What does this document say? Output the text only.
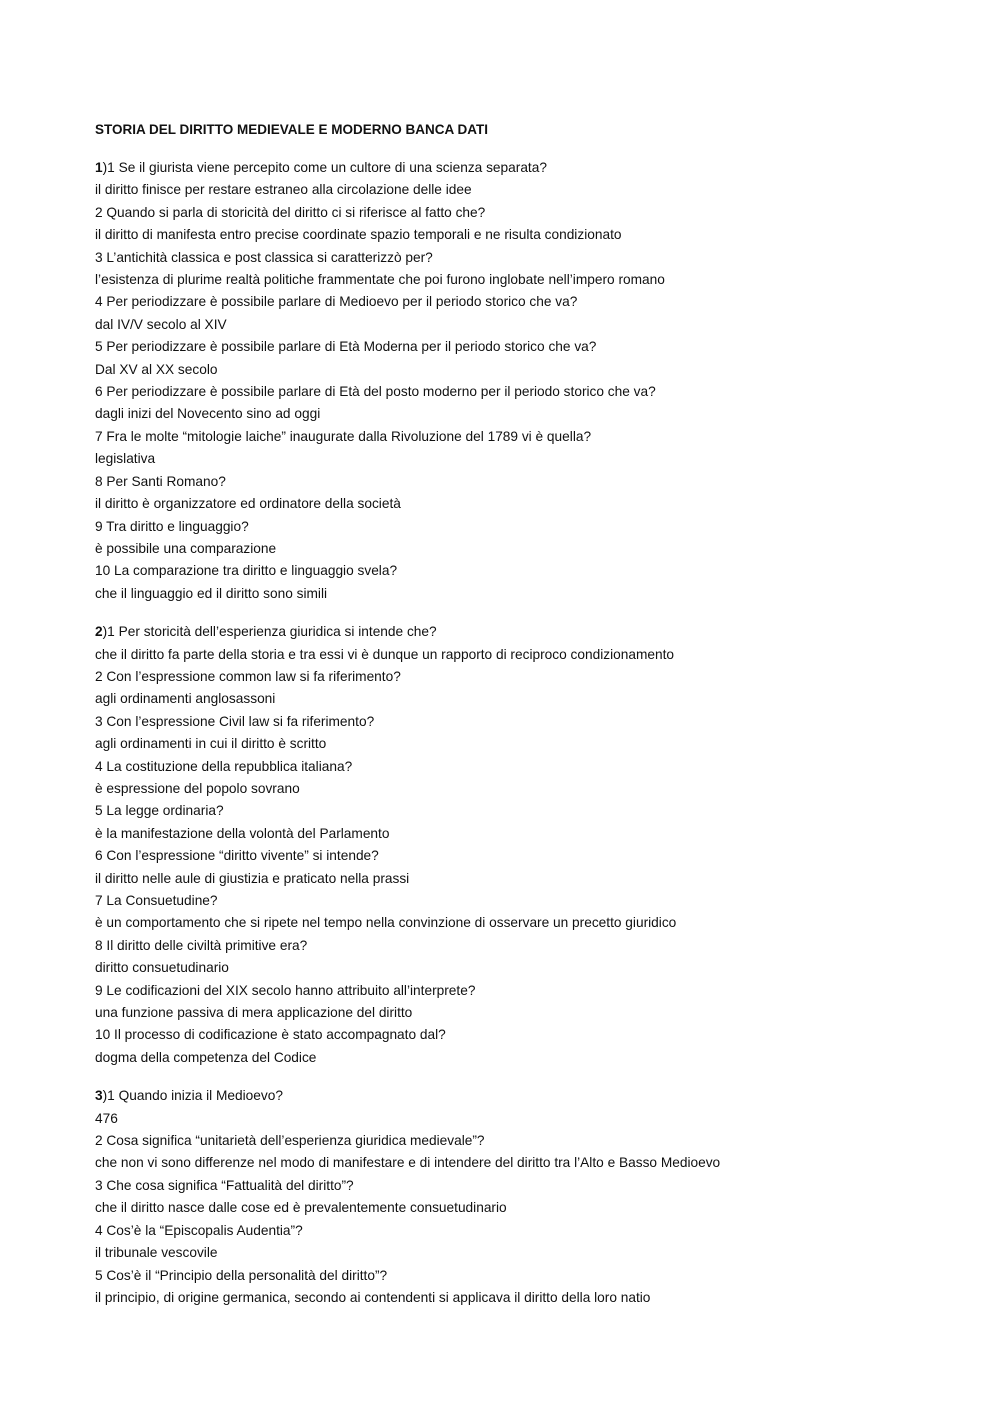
STORIA DEL DIRITTO MEDIEVALE E MODERNO BANCA DATI
1)1 Se il giurista viene percepito come un cultore di una scienza separata?
il diritto finisce per restare estraneo alla circolazione delle idee
2 Quando si parla di storicità del diritto ci si riferisce al fatto che?
il diritto di manifesta entro precise coordinate spazio temporali e ne risulta condizionato
3 L’antichità classica e post classica si caratterizzò per?
l’esistenza di plurime realtà politiche frammentate che poi furono inglobate nell’impero romano
4 Per periodizzare è possibile parlare di Medioevo per il periodo storico che va?
dal IV/V secolo al XIV
5 Per periodizzare è possibile parlare di Età Moderna per il periodo storico che va?
Dal XV al XX secolo
6 Per periodizzare è possibile parlare di Età del posto moderno per il periodo storico che va?
dagli inizi del Novecento sino ad oggi
7 Fra le molte “mitologie laiche” inaugurate dalla Rivoluzione del 1789 vi è quella?
legislativa
8 Per Santi Romano?
il diritto è organizzatore ed ordinatore della società
9 Tra diritto e linguaggio?
è possibile una comparazione
10 La comparazione tra diritto e linguaggio svela?
che il linguaggio ed il diritto sono simili
2)1 Per storicità dell’esperienza giuridica si intende che?
che il diritto fa parte della storia e tra essi vi è dunque un rapporto di reciproco condizionamento
2 Con l’espressione common law si fa riferimento?
agli ordinamenti anglosassoni
3 Con l’espressione Civil law si fa riferimento?
agli ordinamenti in cui il diritto è scritto
4 La costituzione della repubblica italiana?
è espressione del popolo sovrano
5 La legge ordinaria?
è la manifestazione della volontà del Parlamento
6 Con l’espressione “diritto vivente” si intende?
il diritto nelle aule di giustizia e praticato nella prassi
7 La Consuetudine?
è un comportamento che si ripete nel tempo nella convinzione di osservare un precetto giuridico
8 Il diritto delle civiltà primitive era?
diritto consuetudinario
9 Le codificazioni del XIX secolo hanno attribuito all’interprete?
una funzione passiva di mera applicazione del diritto
10 Il processo di codificazione è stato accompagnato dal?
dogma della competenza del Codice
3)1 Quando inizia il Medioevo?
476
2 Cosa significa “unitarietà dell’esperienza giuridica medievale”?
che non vi sono differenze nel modo di manifestare e di intendere del diritto tra l’Alto e Basso Medioevo
3 Che cosa significa “Fattualità del diritto”?
che il diritto nasce dalle cose ed è prevalentemente consuetudinario
4 Cos’è la “Episcopalis Audentia”?
il tribunale vescovile
5 Cos’è il “Principio della personalità del diritto”?
il principio, di origine germanica, secondo ai contendenti si applicava il diritto della loro natio
